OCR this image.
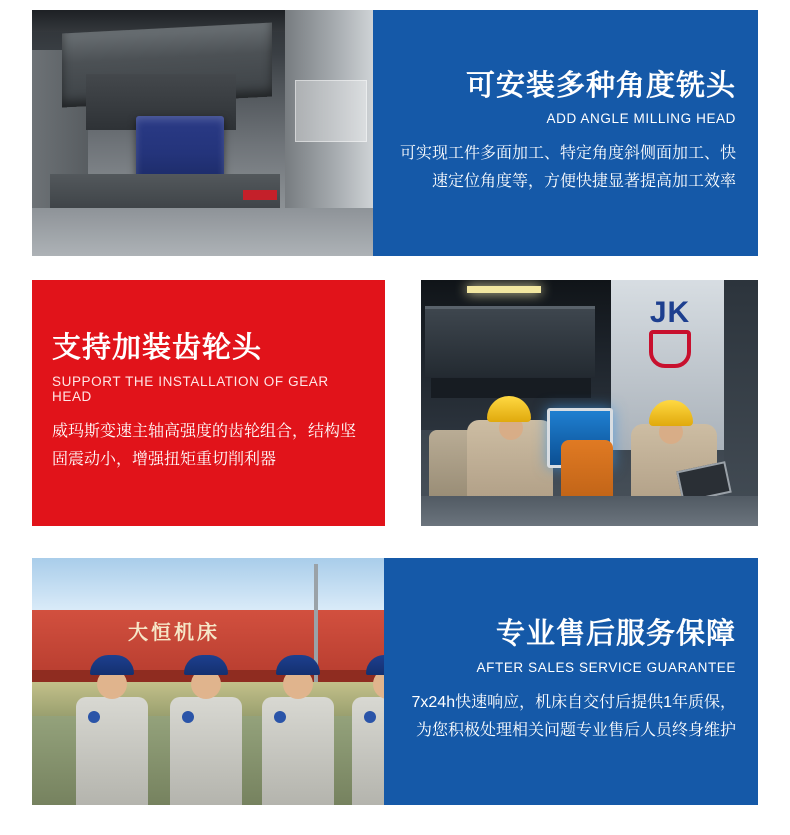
可安装多种角度铣头
ADD ANGLE MILLING HEAD

可实现工件多面加工、特定角度斜侧面加工、快速定位角度等，方便快捷显著提高加工效率

支持加装齿轮头
SUPPORT THE INSTALLATION OF GEAR HEAD

威玛斯变速主轴高强度的齿轮组合，结构坚固震动小，增强扭矩重切削利器

JK
大恒机床	专业售后服务保障
AFTER SALES SERVICE GUARANTEE

7x24h快速响应，机床自交付后提供1年质保，为您积极处理相关问题专业售后人员终身维护
